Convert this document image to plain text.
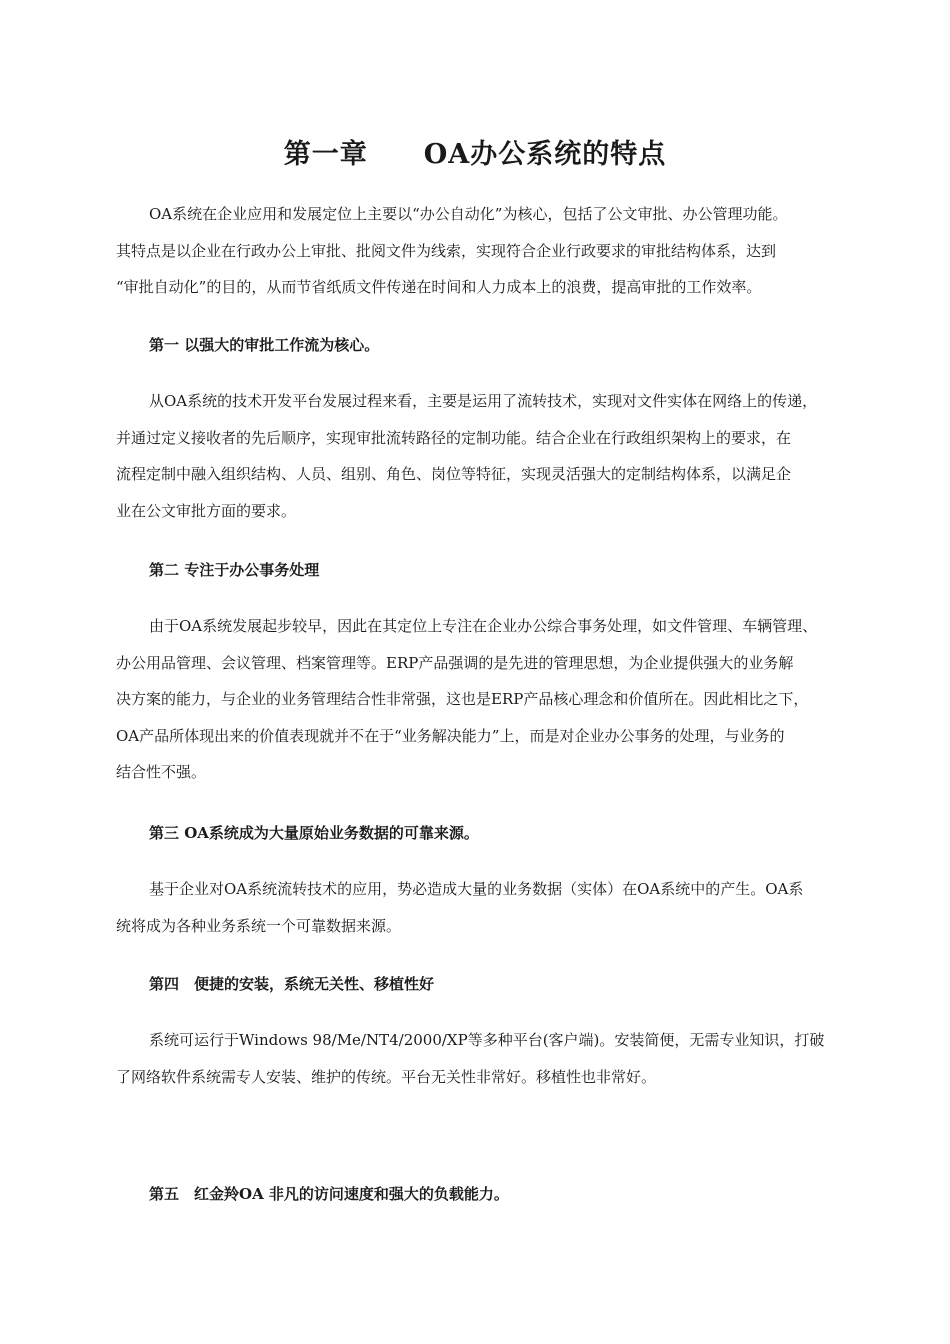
第一章　　OA办公系统的特点
OA系统在企业应用和发展定位上主要以“办公自动化”为核心，包括了公文审批、办公管理功能。
其特点是以企业在行政办公上审批、批阅文件为线索，实现符合企业行政要求的审批结构体系，达到
“审批自动化”的目的，从而节省纸质文件传递在时间和人力成本上的浪费，提高审批的工作效率。
第一 以强大的审批工作流为核心。
从OA系统的技术开发平台发展过程来看，主要是运用了流转技术，实现对文件实体在网络上的传递，
并通过定义接收者的先后顺序，实现审批流转路径的定制功能。结合企业在行政组织架构上的要求，在
流程定制中融入组织结构、人员、组别、角色、岗位等特征，实现灵活强大的定制结构体系，以满足企
业在公文审批方面的要求。
第二 专注于办公事务处理
由于OA系统发展起步较早，因此在其定位上专注在企业办公综合事务处理，如文件管理、车辆管理、
办公用品管理、会议管理、档案管理等。ERP产品强调的是先进的管理思想，为企业提供强大的业务解
决方案的能力，与企业的业务管理结合性非常强，这也是ERP产品核心理念和价值所在。因此相比之下，
OA产品所体现出来的价值表现就并不在于“业务解决能力”上，而是对企业办公事务的处理，与业务的
结合性不强。
第三 OA系统成为大量原始业务数据的可靠来源。
基于企业对OA系统流转技术的应用，势必造成大量的业务数据（实体）在OA系统中的产生。OA系
统将成为各种业务系统一个可靠数据来源。
第四　便捷的安装，系统无关性、移植性好
系统可运行于Windows 98/Me/NT4/2000/XP等多种平台(客户端)。安装简便，无需专业知识，打破
了网络软件系统需专人安装、维护的传统。平台无关性非常好。移植性也非常好。
第五　红金羚OA 非凡的访问速度和强大的负载能力。
